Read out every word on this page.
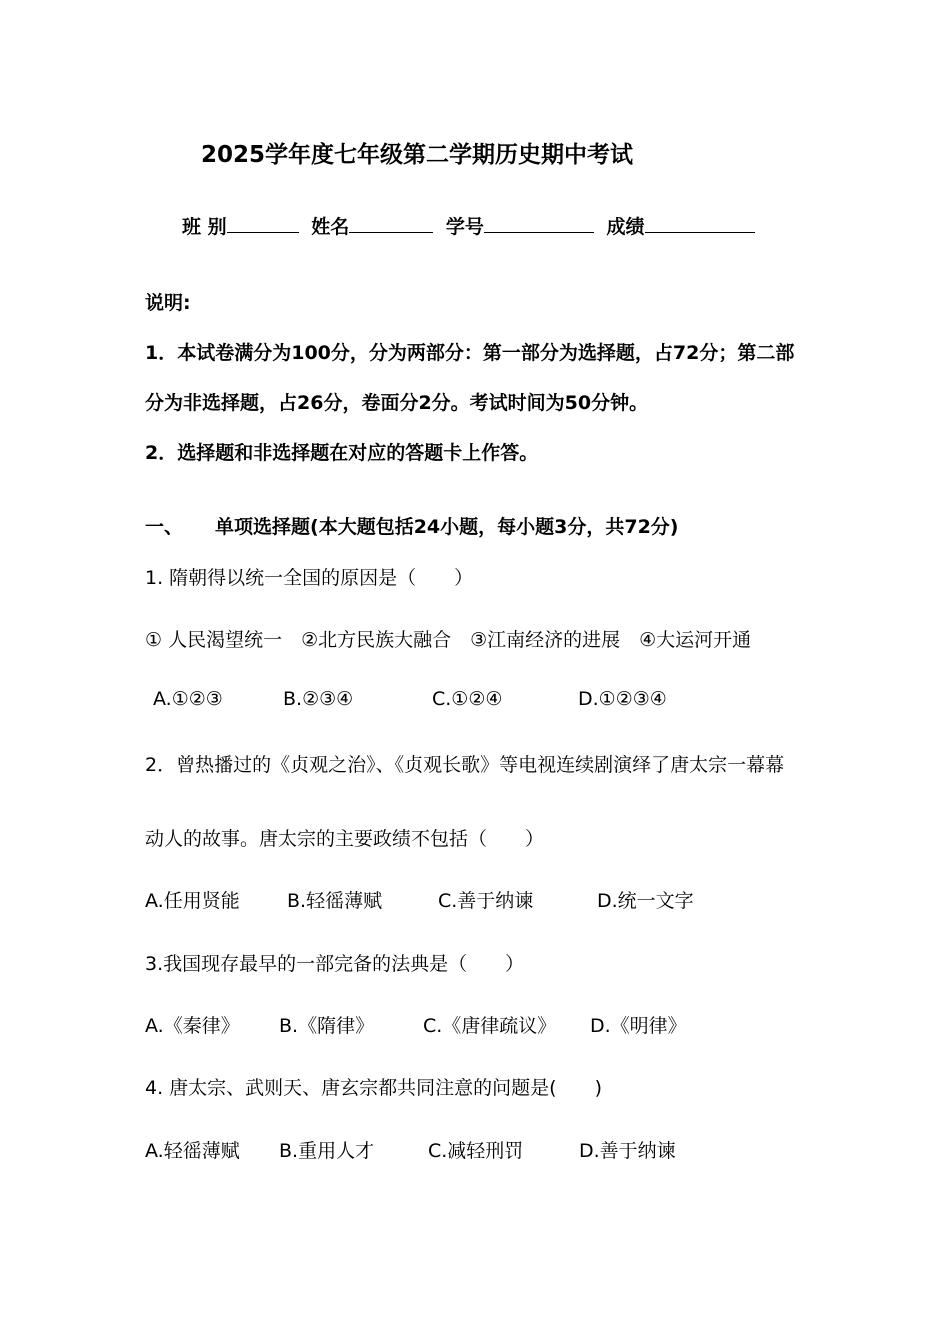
2025学年度七年级第二学期历史期中考试
班 别	姓名	学号	成绩
说明:
1．本试卷满分为100分，分为两部分：第一部分为选择题，占72分；第二部
分为非选择题，占26分，卷面分2分。考试时间为50分钟。
2．选择题和非选择题在对应的答题卡上作答。
一、 单项选择题(本大题包括24小题，每小题3分，共72分)
1. 隋朝得以统一全国的原因是（　　）
① 人民渴望统一　②北方民族大融合　③江南经济的进展　④大运河开通
A.①②③	B.②③④	C.①②④	D.①②③④
2．曾热播过的《贞观之治》、《贞观长歌》等电视连续剧演绎了唐太宗一幕幕
动人的故事。唐太宗的主要政绩不包括（　　）
A.任用贤能 B.轻徭薄赋	C.善于纳谏	D.统一文字
3.我国现存最早的一部完备的法典是（　　）
A.《秦律》 B.《隋律》	C.《唐律疏议》 D.《明律》
4. 唐太宗、武则天、唐玄宗都共同注意的问题是(　　)
A.轻徭薄赋 B.重用人才	C.减轻刑罚	D.善于纳谏
